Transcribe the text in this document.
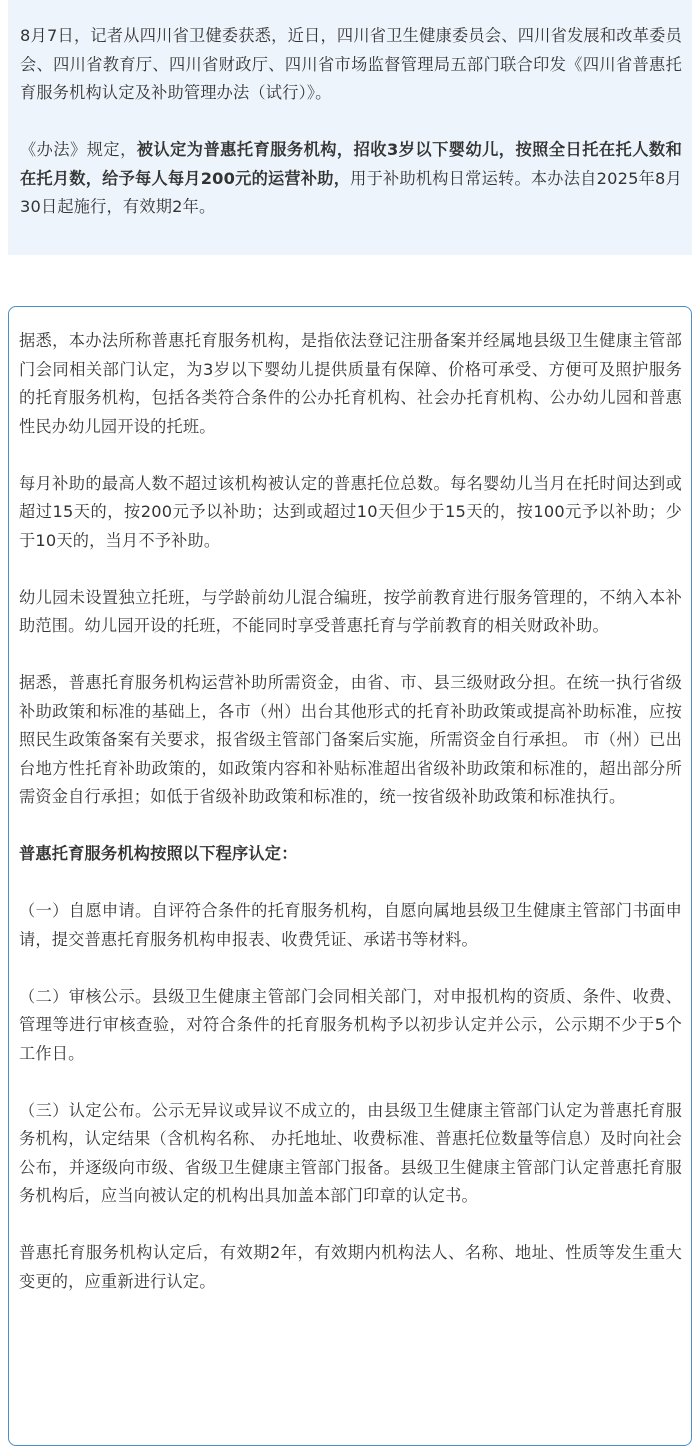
8月7日，记者从四川省卫健委获悉，近日，四川省卫生健康委员会、四川省发展和改革委员会、四川省教育厅、四川省财政厅、四川省市场监督管理局五部门联合印发《四川省普惠托育服务机构认定及补助管理办法（试行）》。

《办法》规定，被认定为普惠托育服务机构，招收3岁以下婴幼儿，按照全日托在托人数和在托月数，给予每人每月200元的运营补助，用于补助机构日常运转。本办法自2025年8月30日起施行，有效期2年。

据悉，本办法所称普惠托育服务机构，是指依法登记注册备案并经属地县级卫生健康主管部门会同相关部门认定，为3岁以下婴幼儿提供质量有保障、价格可承受、方便可及照护服务的托育服务机构，包括各类符合条件的公办托育机构、社会办托育机构、公办幼儿园和普惠性民办幼儿园开设的托班。

每月补助的最高人数不超过该机构被认定的普惠托位总数。每名婴幼儿当月在托时间达到或超过15天的，按200元予以补助；达到或超过10天但少于15天的，按100元予以补助；少于10天的，当月不予补助。

幼儿园未设置独立托班，与学龄前幼儿混合编班，按学前教育进行服务管理的，不纳入本补助范围。幼儿园开设的托班，不能同时享受普惠托育与学前教育的相关财政补助。

据悉，普惠托育服务机构运营补助所需资金，由省、市、县三级财政分担。在统一执行省级补助政策和标准的基础上，各市（州）出台其他形式的托育补助政策或提高补助标准，应按照民生政策备案有关要求，报省级主管部门备案后实施，所需资金自行承担。 市（州）已出台地方性托育补助政策的，如政策内容和补贴标准超出省级补助政策和标准的，超出部分所需资金自行承担；如低于省级补助政策和标准的，统一按省级补助政策和标准执行。

普惠托育服务机构按照以下程序认定：

（一）自愿申请。自评符合条件的托育服务机构，自愿向属地县级卫生健康主管部门书面申请，提交普惠托育服务机构申报表、收费凭证、承诺书等材料。

（二）审核公示。县级卫生健康主管部门会同相关部门，对申报机构的资质、条件、收费、管理等进行审核查验，对符合条件的托育服务机构予以初步认定并公示，公示期不少于5个工作日。

（三）认定公布。公示无异议或异议不成立的，由县级卫生健康主管部门认定为普惠托育服务机构，认定结果（含机构名称、 办托地址、收费标准、普惠托位数量等信息）及时向社会公布，并逐级向市级、省级卫生健康主管部门报备。县级卫生健康主管部门认定普惠托育服务机构后，应当向被认定的机构出具加盖本部门印章的认定书。

普惠托育服务机构认定后，有效期2年，有效期内机构法人、名称、地址、性质等发生重大变更的，应重新进行认定。
